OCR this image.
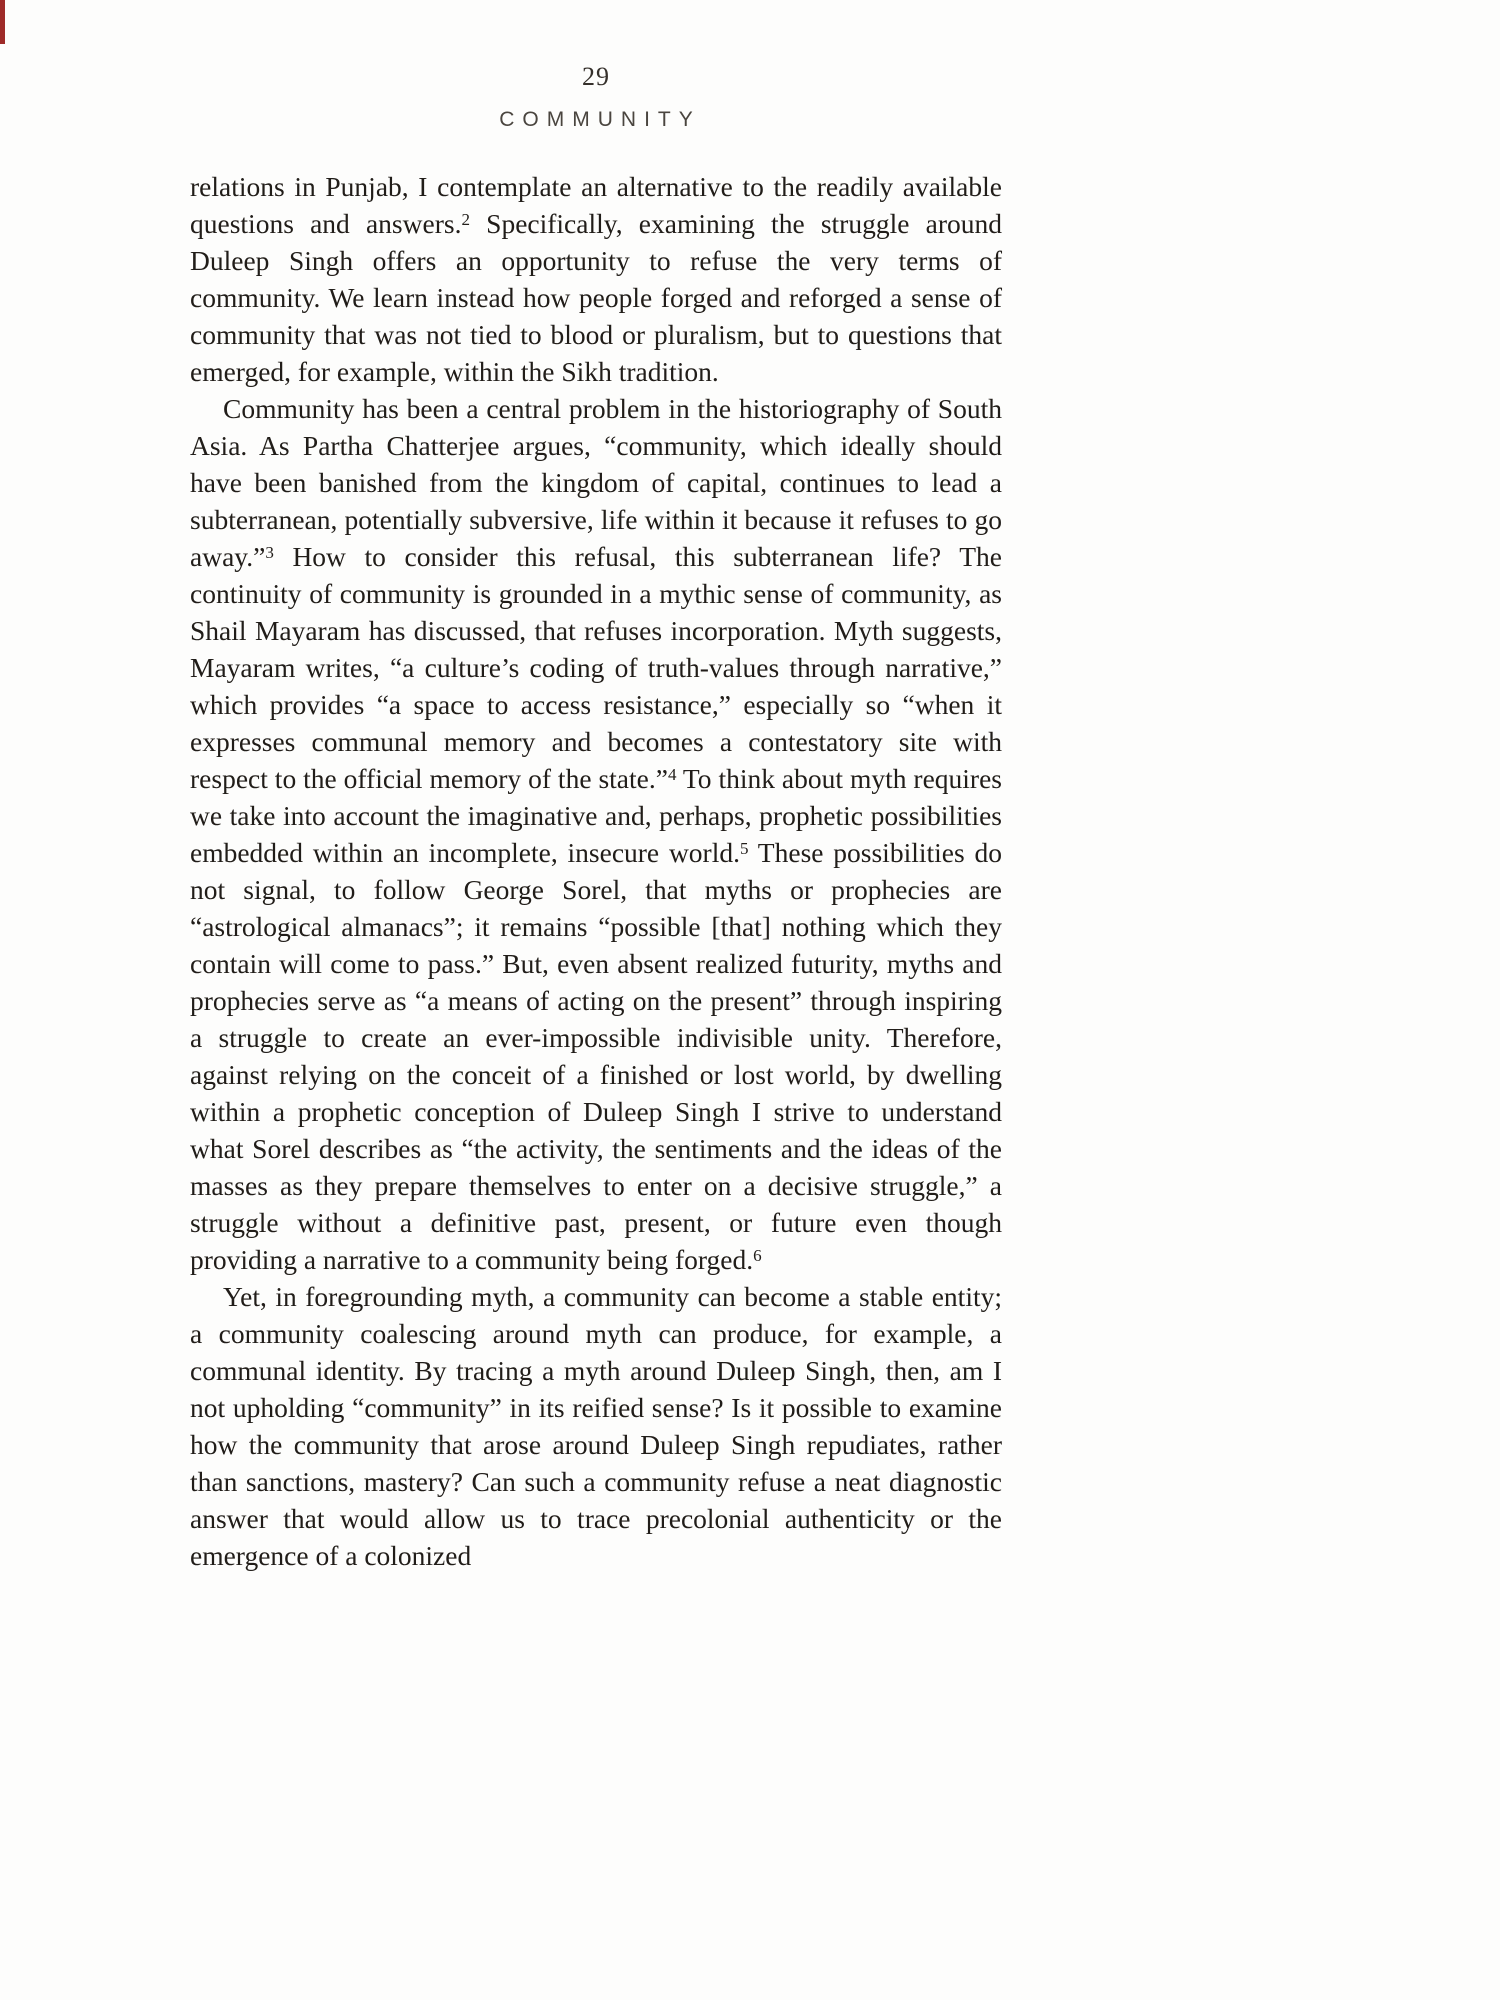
29
COMMUNITY

relations in Punjab, I contemplate an alternative to the readily available questions and answers.$^2$ Specifically, examining the struggle around Duleep Singh offers an opportunity to refuse the very terms of community. We learn instead how people forged and reforged a sense of community that was not tied to blood or pluralism, but to questions that emerged, for example, within the Sikh tradition.

Community has been a central problem in the historiography of South Asia. As Partha Chatterjee argues, “community, which ideally should have been banished from the kingdom of capital, continues to lead a subterranean, potentially subversive, life within it because it refuses to go away.”$^3$ How to consider this refusal, this subterranean life? The continuity of community is grounded in a mythic sense of community, as Shail Mayaram has discussed, that refuses incorporation. Myth suggests, Mayaram writes, “a culture’s coding of truth-values through narrative,” which provides “a space to access resistance,” especially so “when it expresses communal memory and becomes a contestatory site with respect to the official memory of the state.”$^4$ To think about myth requires we take into account the imaginative and, perhaps, prophetic possibilities embedded within an incomplete, insecure world.$^5$ These possibilities do not signal, to follow George Sorel, that myths or prophecies are “astrological almanacs”; it remains “possible [that] nothing which they contain will come to pass.” But, even absent realized futurity, myths and prophecies serve as “a means of acting on the present” through inspiring a struggle to create an ever-impossible indivisible unity. Therefore, against relying on the conceit of a finished or lost world, by dwelling within a prophetic conception of Duleep Singh I strive to understand what Sorel describes as “the activity, the sentiments and the ideas of the masses as they prepare themselves to enter on a decisive struggle,” a struggle without a definitive past, present, or future even though providing a narrative to a community being forged.$^6$

Yet, in foregrounding myth, a community can become a stable entity; a community coalescing around myth can produce, for example, a communal identity. By tracing a myth around Duleep Singh, then, am I not upholding “community” in its reified sense? Is it possible to examine how the community that arose around Duleep Singh repudiates, rather than sanctions, mastery? Can such a community refuse a neat diagnostic answer that would allow us to trace precolonial authenticity or the emergence of a colonized
